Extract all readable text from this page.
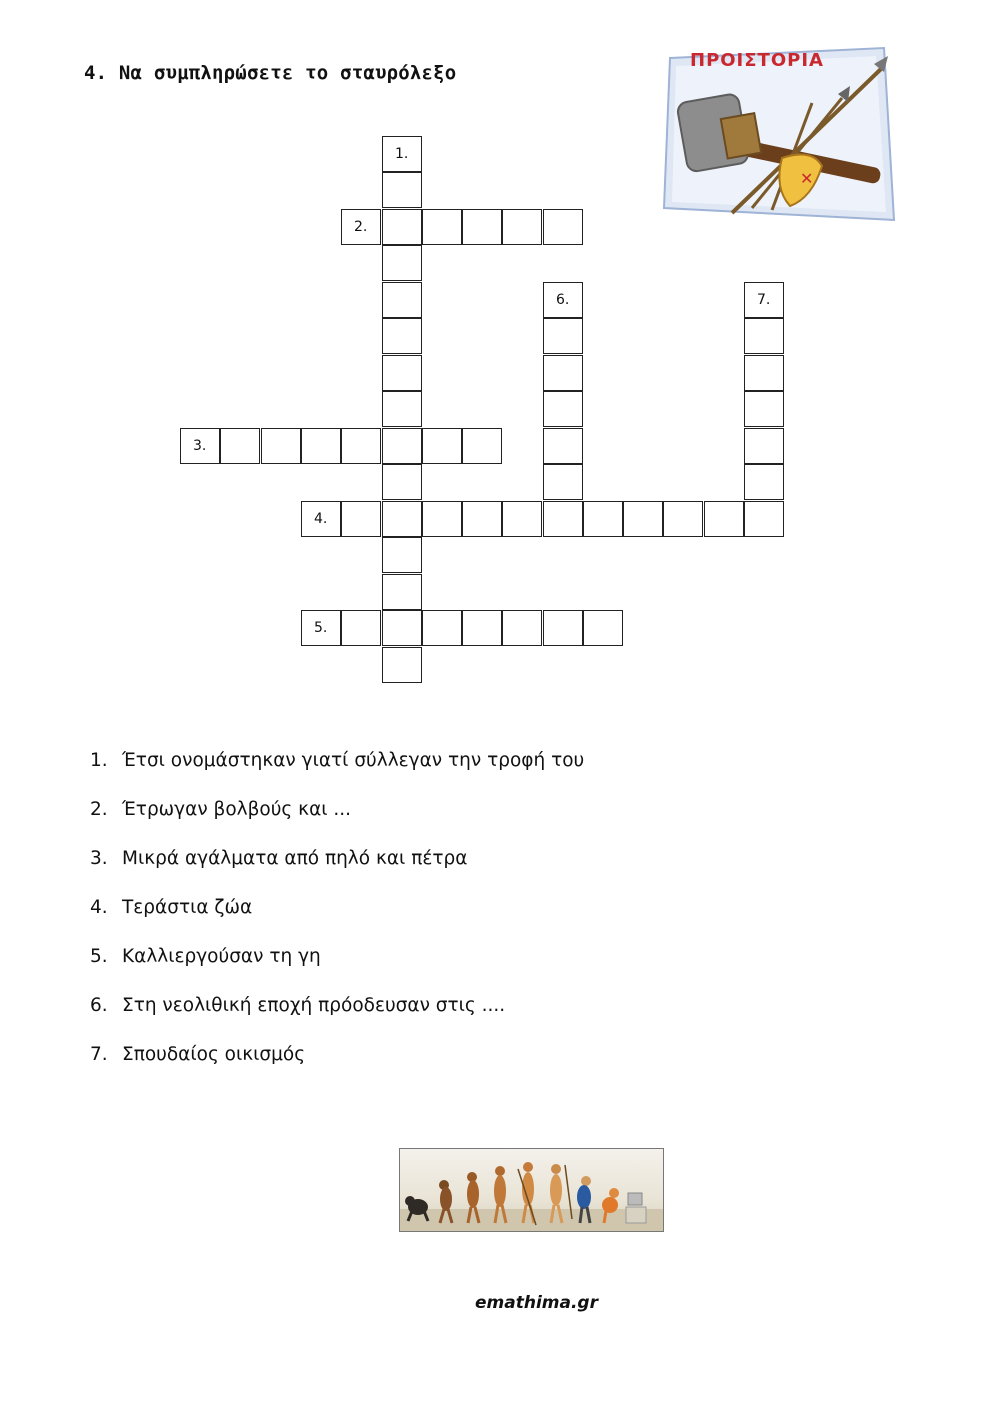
4. Να συμπληρώσετε το σταυρόλεξο
✕
ΠΡΟΙΣΤΟΡΙΑ
1.
2.
6.	7.
3.
4.
5.
1. Έτσι ονομάστηκαν γιατί σύλλεγαν την τροφή του
2. Έτρωγαν βολβούς και ...
3. Μικρά αγάλματα από πηλό και πέτρα
4. Τεράστια ζώα
5. Καλλιεργούσαν τη γη
6. Στη νεολιθική εποχή πρόοδευσαν στις ....
7. Σπουδαίος οικισμός
emathima.gr
